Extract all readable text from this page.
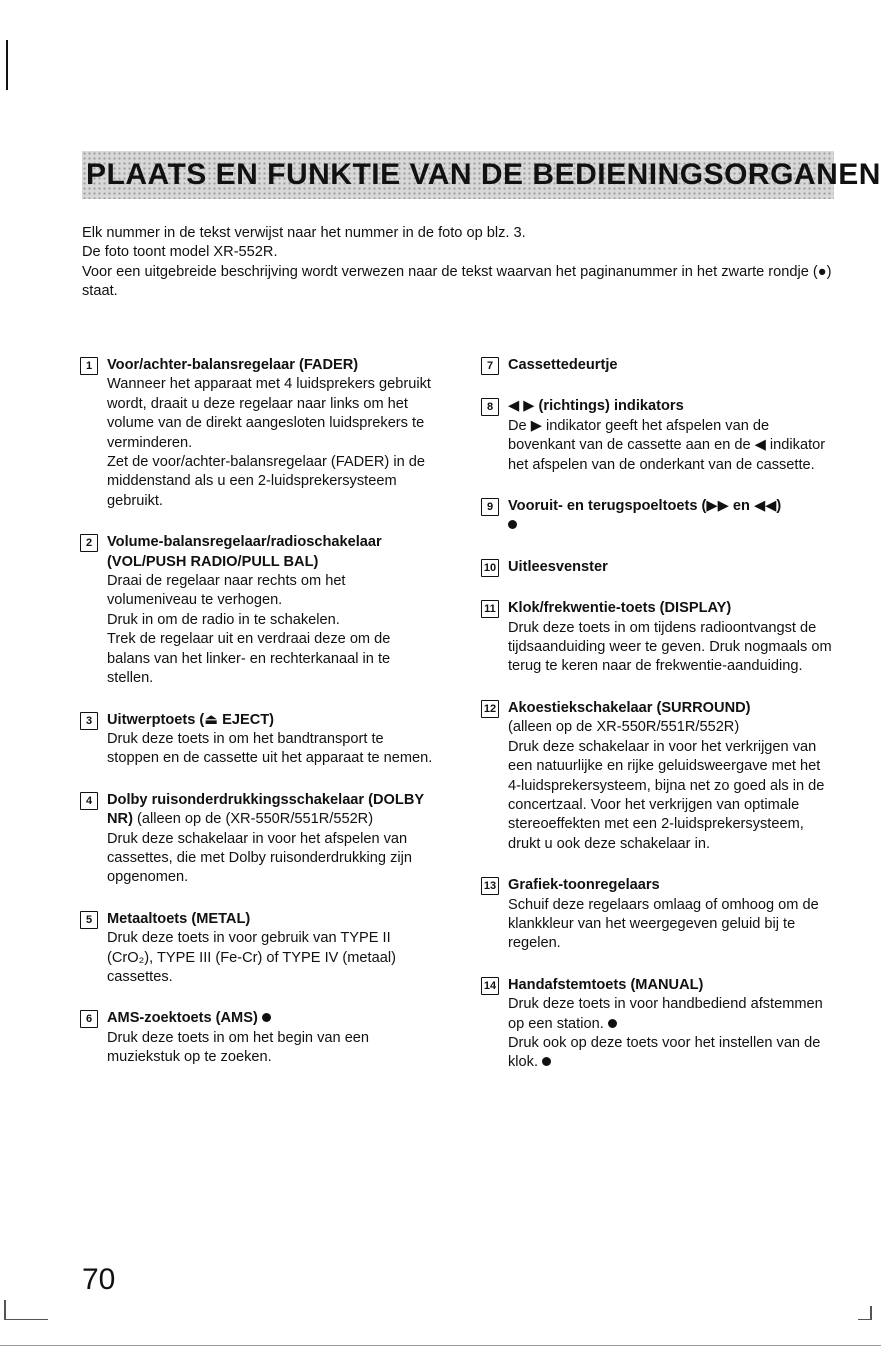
PLAATS EN FUNKTIE VAN DE BEDIENINGSORGANEN

Elk nummer in de tekst verwijst naar het nummer in de foto op blz. 3.

De foto toont model XR-552R.

Voor een uitgebreide beschrijving wordt verwezen naar de tekst waarvan het paginanummer in het zwarte rondje (●) staat.

1	Voor/achter-balansregelaar (FADER)

Wanneer het apparaat met 4 luidsprekers gebruikt wordt, draait u deze regelaar naar links om het volume van de direkt aangesloten luidsprekers te verminderen.

Zet de voor/achter-balansregelaar (FADER) in de middenstand als u een 2-luidsprekersysteem gebruikt.

2	Volume-balansregelaar/radioschakelaar (VOL/PUSH RADIO/PULL BAL)

Draai de regelaar naar rechts om het volumeniveau te verhogen.

Druk in om de radio in te schakelen.

Trek de regelaar uit en verdraai deze om de balans van het linker- en rechterkanaal in te stellen.

3	Uitwerptoets (⏏ EJECT)

Druk deze toets in om het bandtransport te stoppen en de cassette uit het apparaat te nemen.

4	Dolby ruisonderdrukkingsschakelaar (DOLBY NR) (alleen op de (XR-550R/551R/552R)

Druk deze schakelaar in voor het afspelen van cassettes, die met Dolby ruisonderdrukking zijn opgenomen.

5	Metaaltoets (METAL)

Druk deze toets in voor gebruik van TYPE II (CrO₂), TYPE III (Fe-Cr) of TYPE IV (metaal) cassettes.

6	AMS-zoektoets (AMS)

Druk deze toets in om het begin van een muziekstuk op te zoeken.

7	Cassettedeurtje

8	◀ ▶ (richtings) indikators

De ▶ indikator geeft het afspelen van de bovenkant van de cassette aan en de ◀ indikator het afspelen van de onderkant van de cassette.

9	Vooruit- en terugspoeltoets (▶▶ en ◀◀)

10 Uitleesvenster

11 Klok/frekwentie-toets (DISPLAY)

Druk deze toets in om tijdens radioontvangst de tijdsaanduiding weer te geven. Druk nogmaals om terug te keren naar de frekwentie-aanduiding.

12 Akoestiekschakelaar (SURROUND)

(alleen op de XR-550R/551R/552R)

Druk deze schakelaar in voor het verkrijgen van een natuurlijke en rijke geluidsweergave met het 4-luidsprekersysteem, bijna net zo goed als in de concertzaal. Voor het verkrijgen van optimale stereoeffekten met een 2-luidsprekersysteem, drukt u ook deze schakelaar in.

13 Grafiek-toonregelaars

Schuif deze regelaars omlaag of omhoog om de klankkleur van het weergegeven geluid bij te regelen.

14 Handafstemtoets (MANUAL)

Druk deze toets in voor handbediend afstemmen op een station.

Druk ook op deze toets voor het instellen van de klok.

70
